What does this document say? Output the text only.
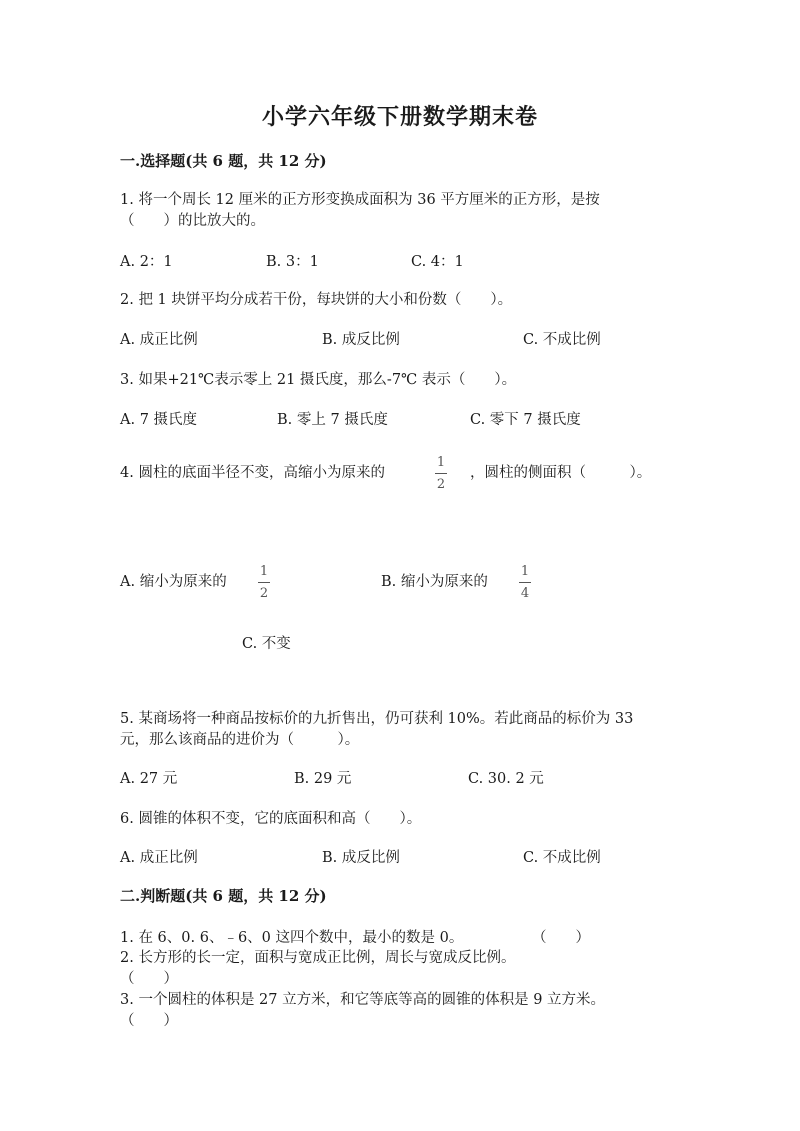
小学六年级下册数学期末卷
一.选择题(共 6 题，共 12 分)
1. 将一个周长 12 厘米的正方形变换成面积为 36 平方厘米的正方形，是按
（　　）的比放大的。
A. 2：1	B. 3：1	C. 4：1
2. 把 1 块饼平均分成若干份，每块饼的大小和份数（　　）。
A. 成正比例	B. 成反比例	C. 不成比例
3. 如果+21℃表示零上 21 摄氏度，那么-7℃ 表示（　　）。
A. 7 摄氏度	B. 零上 7 摄氏度	C. 零下 7 摄氏度
4. 圆柱的底面半径不变，高缩小为原来的
1
2
，圆柱的侧面积（　　　）。
A. 缩小为原来的
1
2
B. 缩小为原来的
1
4
C. 不变
5. 某商场将一种商品按标价的九折售出，仍可获利 10%。若此商品的标价为 33
元，那么该商品的进价为（　　　）。
A. 27 元	B. 29 元	C. 30. 2 元
6. 圆锥的体积不变，它的底面积和高（　　）。
A. 成正比例	B. 成反比例	C. 不成比例
二.判断题(共 6 题，共 12 分)
1. 在 6、0. 6、﹣6、0 这四个数中，最小的数是 0。	（　　）
2. 长方形的长一定，面积与宽成正比例，周长与宽成反比例。
（　　）
3. 一个圆柱的体积是 27 立方米，和它等底等高的圆锥的体积是 9 立方米。
（　　）
